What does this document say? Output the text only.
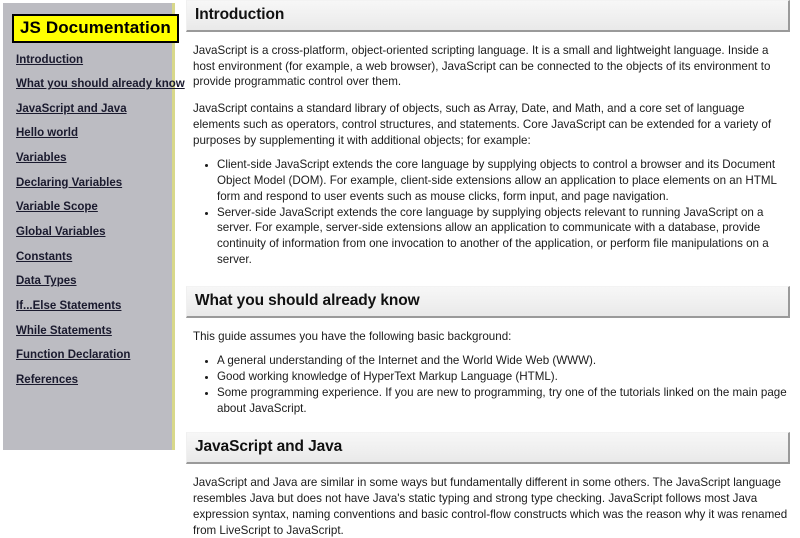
JS Documentation
Introduction
What you should already know
JavaScript and Java
Hello world
Variables
Declaring Variables
Variable Scope
Global Variables
Constants
Data Types
If...Else Statements
While Statements
Function Declaration
References
Introduction

JavaScript is a cross-platform, object-oriented scripting language. It is a small and lightweight language. Inside a host environment (for example, a web browser), JavaScript can be connected to the objects of its environment to provide programmatic control over them.

JavaScript contains a standard library of objects, such as Array, Date, and Math, and a core set of language elements such as operators, control structures, and statements. Core JavaScript can be extended for a variety of purposes by supplementing it with additional objects; for example:

• Client-side JavaScript extends the core language by supplying objects to control a browser and its Document Object Model (DOM). For example, client-side extensions allow an application to place elements on an HTML form and respond to user events such as mouse clicks, form input, and page navigation.
• Server-side JavaScript extends the core language by supplying objects relevant to running JavaScript on a server. For example, server-side extensions allow an application to communicate with a database, provide continuity of information from one invocation to another of the application, or perform file manipulations on a server.
What you should already know

This guide assumes you have the following basic background:

• A general understanding of the Internet and the World Wide Web (WWW).
• Good working knowledge of HyperText Markup Language (HTML).
• Some programming experience. If you are new to programming, try one of the tutorials linked on the main page about JavaScript.
JavaScript and Java

JavaScript and Java are similar in some ways but fundamentally different in some others. The JavaScript language resembles Java but does not have Java's static typing and strong type checking. JavaScript follows most Java expression syntax, naming conventions and basic control-flow constructs which was the reason why it was renamed from LiveScript to JavaScript.
